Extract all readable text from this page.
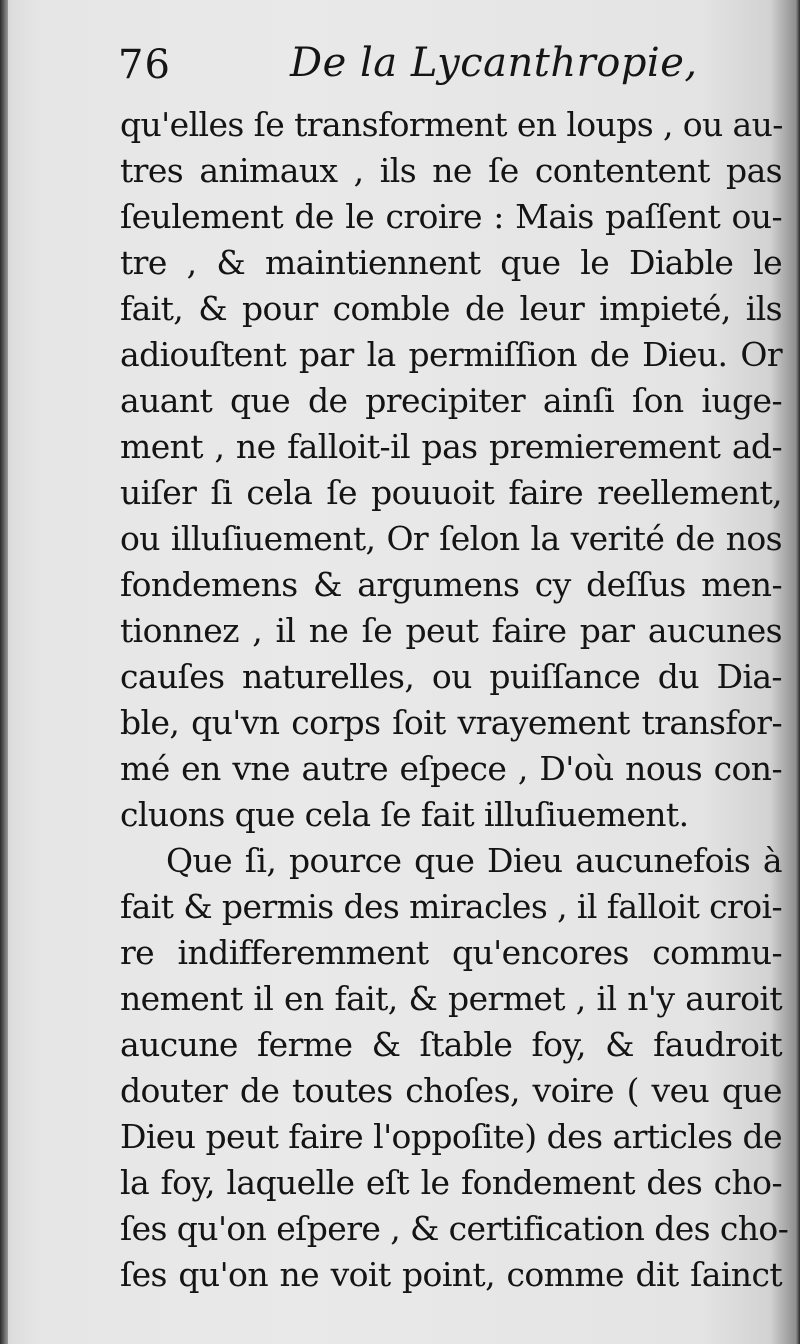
76	De la Lycanthropie,
qu'elles ſe transforment en loups , ou au-
tres animaux , ils ne ſe contentent pas
ſeulement de le croire : Mais paſſent ou-
tre , & maintiennent que le Diable le
fait, & pour comble de leur impieté, ils
adiouſtent par la permiſſion de Dieu. Or
auant que de precipiter ainſi ſon iuge-
ment , ne falloit-il pas premierement ad-
uiſer ſi cela ſe pouuoit faire reellement,
ou illuſiuement, Or ſelon la verité de nos
fondemens & argumens cy deſſus men-
tionnez , il ne ſe peut faire par aucunes
cauſes naturelles, ou puiſſance du Dia-
ble, qu'vn corps ſoit vrayement transfor-
mé en vne autre eſpece , D'où nous con-
cluons que cela ſe fait illuſiuement.
Que ſi, pource que Dieu aucunefois à
fait & permis des miracles , il falloit croi-
re indifferemment qu'encores commu-
nement il en fait, & permet , il n'y auroit
aucune ferme & ſtable foy, & faudroit
douter de toutes choſes, voire ( veu que
Dieu peut faire l'oppoſite) des articles de
la foy, laquelle eſt le fondement des cho-
ſes qu'on eſpere , & certification des cho-
ſes qu'on ne voit point, comme dit ſainct
